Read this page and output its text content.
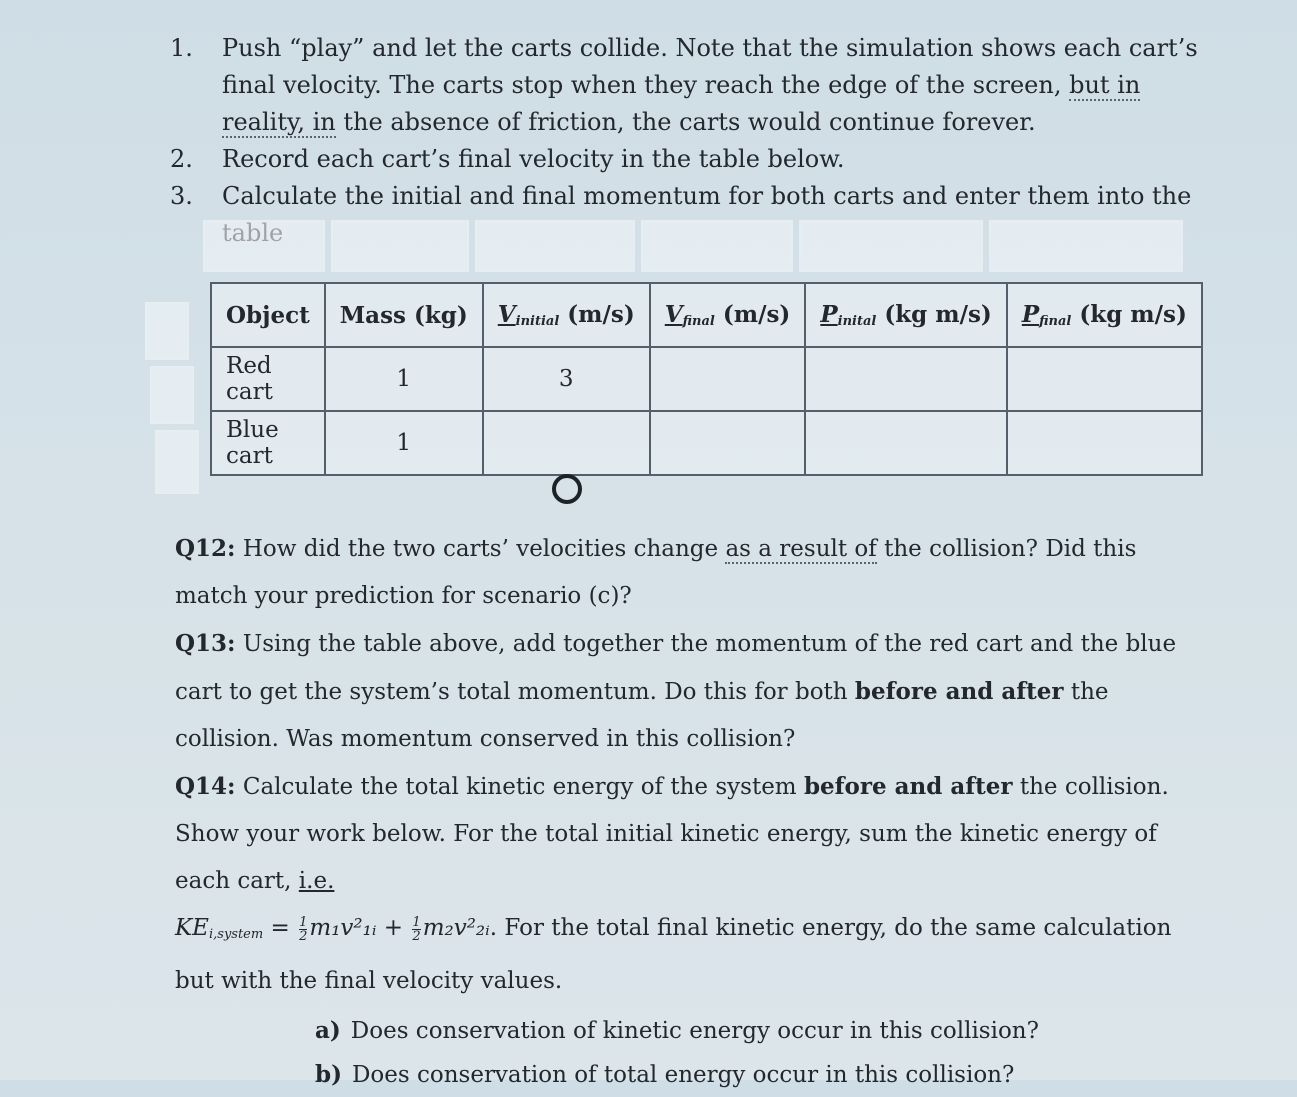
1. Push “play” and let the carts collide. Note that the simulation shows each cart’s final velocity. The carts stop when they reach the edge of the screen, but in reality, in the absence of friction, the carts would continue forever.
2. Record each cart’s final velocity in the table below.
3. Calculate the initial and final momentum for both carts and enter them into the
Object	Mass (kg)	$V_{initial}$ (m/s)	$V_{final}$ (m/s)	$P_{inital}$ (kg m/s)	$P_{final}$ (kg m/s)
Red cart	1	3			
Blue cart	1				
Q12: How did the two carts’ velocities change as a result of the collision? Did this match your prediction for scenario (c)?
Q13: Using the table above, add together the momentum of the red cart and the blue cart to get the system’s total momentum. Do this for both before and after the collision. Was momentum conserved in this collision?
Q14: Calculate the total kinetic energy of the system before and after the collision. Show your work below. For the total initial kinetic energy, sum the kinetic energy of each cart, i.e.
$KE_{i,system} = \frac{1}{2}$ m₁v²₁ᵢ + $\frac{1}{2}$ m₂v²₂ᵢ. For the total final kinetic energy, do the same calculation but with the final velocity values.
a) Does conservation of kinetic energy occur in this collision?
b) Does conservation of total energy occur in this collision?
